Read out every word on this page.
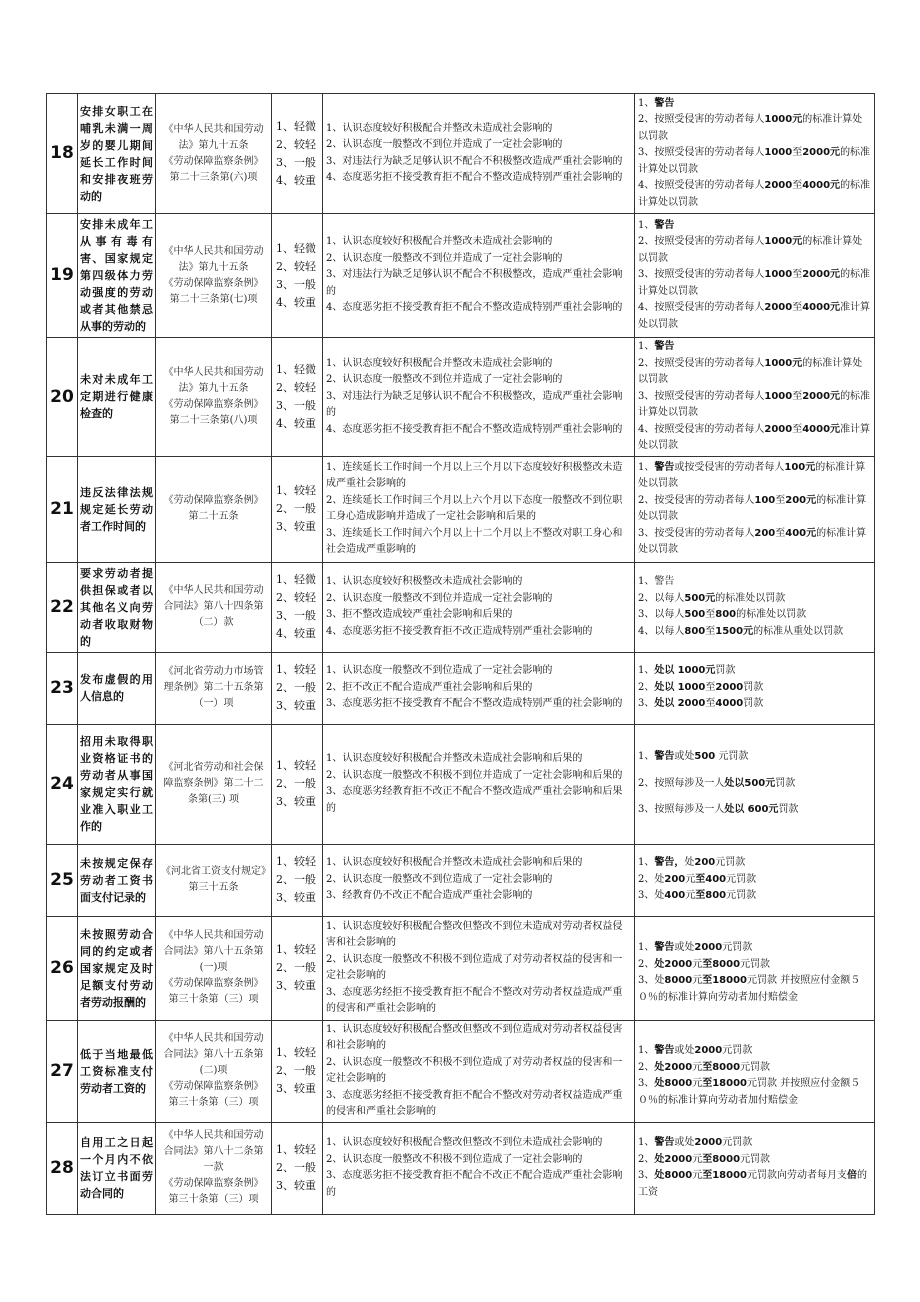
18	安排女职工在哺乳未满一周岁的婴儿期间延长工作时间和安排夜班劳动的	《中华人民共和国劳动法》第九十五条
《劳动保障监察条例》第二十三条第(六)项	1、轻微
2、较轻
3、一般
4、较重	1、认识态度较好积极配合并整改未造成社会影响的
2、认识态度一般整改不到位并造成了一定社会影响的
3、对违法行为缺乏足够认识不配合不积极整改造成严重社会影响的
4、态度恶劣拒不接受教育拒不配合不整改造成特别严重社会影响的	1、警告
2、按照受侵害的劳动者每人1000元的标准计算处以罚款
3、按照受侵害的劳动者每人1000至2000元的标准计算处以罚款
4、按照受侵害的劳动者每人2000至4000元的标准计算处以罚款

19	安排未成年工从事有毒有害、国家规定第四级体力劳动强度的劳动或者其他禁忌从事的劳动的	《中华人民共和国劳动法》第九十五条
《劳动保障监察条例》第二十三条第(七)项	1、轻微
2、较轻
3、一般
4、较重	1、认识态度较好积极配合并整改未造成社会影响的
2、认识态度一般整改不到位并造成了一定社会影响的
3、对违法行为缺乏足够认识不配合不积极整改，造成严重社会影响的
4、态度恶劣拒不接受教育拒不配合不整改造成特别严重社会影响的	1、警告
2、按照受侵害的劳动者每人1000元的标准计算处以罚款
3、按照受侵害的劳动者每人1000至2000元的标准计算处以罚款
4、按照受侵害的劳动者每人2000至4000元准计算处以罚款

20	未对未成年工定期进行健康检查的	《中华人民共和国劳动法》第九十五条
《劳动保障监察条例》第二十三条第(八)项	1、轻微
2、较轻
3、一般
4、较重	1、认识态度较好积极配合并整改未造成社会影响的
2、认识态度一般整改不到位并造成了一定社会影响的
3、对违法行为缺乏足够认识不配合不积极整改，造成严重社会影响的
4、态度恶劣拒不接受教育拒不配合不整改造成特别严重社会影响的	1、警告
2、按照受侵害的劳动者每人1000元的标准计算处以罚款
3、按照受侵害的劳动者每人1000至2000元的标准计算处以罚款
4、按照受侵害的劳动者每人2000至4000元准计算处以罚款

21	违反法律法规规定延长劳动者工作时间的	《劳动保障监察条例》第二十五条	1、较轻
2、一般
3、较重	1、连续延长工作时间一个月以上三个月以下态度较好积极整改未造成严重社会影响的
2、连续延长工作时间三个月以上六个月以下态度一般整改不到位职工身心造成影响并造成了一定社会影响和后果的
3、连续延长工作时间六个月以上十二个月以上不整改对职工身心和社会造成严重影响的	1、警告或按受侵害的劳动者每人100元的标准计算处以罚款
2、按受侵害的劳动者每人100至200元的标准计算处以罚款
3、按受侵害的劳动者每人200至400元的标准计算处以罚款

22	要求劳动者提供担保或者以其他名义向劳动者收取财物的	《中华人民共和国劳动合同法》第八十四条第（二）款	1、轻微
2、较轻
3、一般
4、较重	1、认识态度较好积极整改未造成社会影响的
2、认识态度一般整改不到位并造成一定社会影响的
3、拒不整改造成较严重社会影响和后果的
4、态度恶劣拒不接受教育拒不改正造成特别严重社会影响的	1、警告
2、以每人500元的标准处以罚款
3、以每人500至800的标准处以罚款
4、以每人800至1500元的标准从重处以罚款

23	发布虚假的用人信息的	《河北省劳动力市场管理条例》第二十五条第（一）项	1、较轻
2、一般
3、较重	1、认识态度一般整改不到位造成了一定社会影响的
2、拒不改正不配合造成严重社会影响和后果的
3、态度恶劣拒不接受教育不配合不整改造成特别严重的社会影响的	1、处以 1000元罚款
2、处以 1000至2000罚款
3、处以 2000至4000罚款

24	招用未取得职业资格证书的劳动者从事国家规定实行就业准入职业工作的	《河北省劳动和社会保障监察条例》第二十二条第(三) 项	1、较轻
2、一般
3、较重	1、认识态度较好积极配合并整改未造成社会影响和后果的
2、认识态度一般整改不积极不到位并造成了一定社会影响和后果的
3、态度恶劣经教育拒不改正不配合不整改造成严重社会影响和后果的	1、警告或处500 元罚款
2、按照每涉及一人处以500元罚款
3、按照每涉及一人处以 600元罚款

25	未按规定保存劳动者工资书面支付记录的	《河北省工资支付规定》第三十五条	1、较轻
2、一般
3、较重	1、认识态度较好积极配合并整改未造成社会影响和后果的
2、认识态度一般整改不到位造成了一定社会影响的
3、经教育仍不改正不配合造成严重社会影响的	1、警告，处200元罚款
2、处200元至400元罚款
3、处400元至800元罚款

26	未按照劳动合同的约定或者国家规定及时足额支付劳动者劳动报酬的	《中华人民共和国劳动合同法》第八十五条第(一)项
《劳动保障监察条例》第三十条第（三）项	1、较轻
2、一般
3、较重	1、认识态度较好积极配合整改但整改不到位未造成对劳动者权益侵害和社会影响的
2、认识态度一般整改不积极不到位造成了对劳动者权益的侵害和一定社会影响的
3、态度恶劣经拒不接受教育拒不配合不整改对劳动者权益造成严重的侵害和严重社会影响的	1、警告或处2000元罚款
2、处2000元至8000元罚款
3、处8000元至18000元罚款 并按照应付金额５０％的标准计算向劳动者加付赔偿金

27	低于当地最低工资标准支付劳动者工资的	《中华人民共和国劳动合同法》第八十五条第(二)项
《劳动保障监察条例》第三十条第（三）项	1、较轻
2、一般
3、较重	1、认识态度较好积极配合整改但整改不到位造成对劳动者权益侵害和社会影响的
2、认识态度一般整改不积极不到位造成了对劳动者权益的侵害和一定社会影响的
3、态度恶劣经拒不接受教育拒不配合不整改对劳动者权益造成严重的侵害和严重社会影响的	1、警告或处2000元罚款
2、处2000元至8000元罚款
3、处8000元至18000元罚款 并按照应付金额５０％的标准计算向劳动者加付赔偿金

28	自用工之日起一个月内不依法订立书面劳动合同的	《中华人民共和国劳动合同法》第八十二条第一款
《劳动保障监察条例》第三十条第（三）项	1、较轻
2、一般
3、较重	1、认识态度较好积极配合整改但整改不到位未造成社会影响的
2、认识态度一般整改不积极不到位造成了一定社会影响的
3、态度恶劣拒不接受教育拒不配合不改正不配合造成严重社会影响的	1、警告或处2000元罚款
2、处2000元至8000元罚款
3、处8000元至18000元罚款向劳动者每月支倍的工资
